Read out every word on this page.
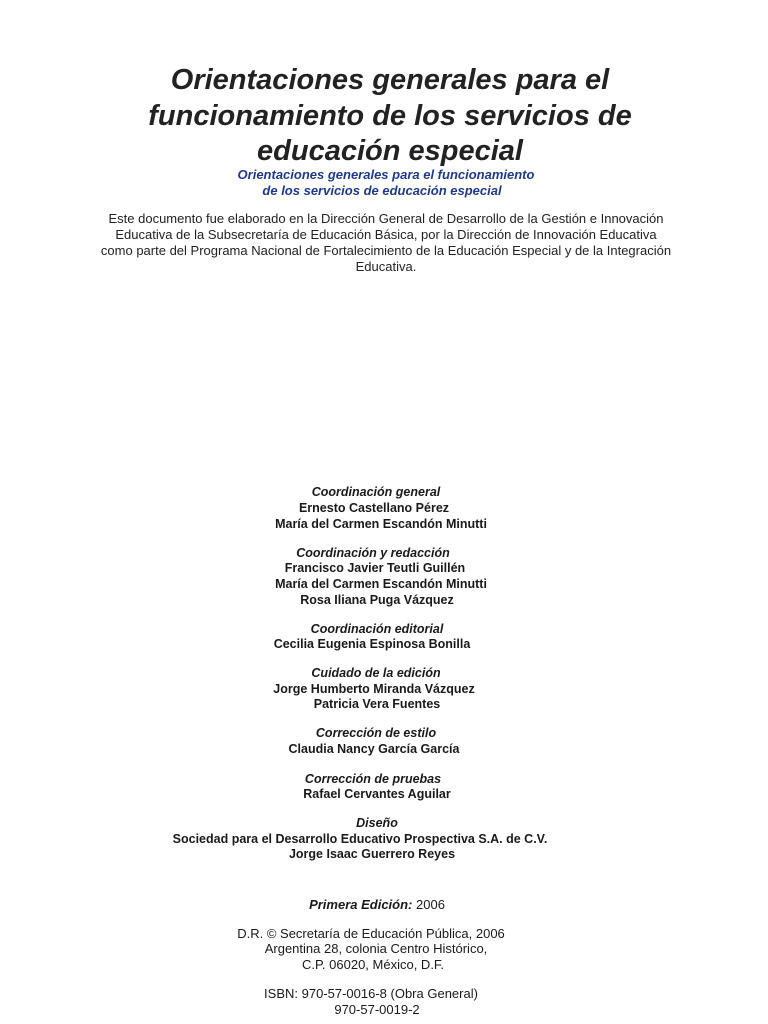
Orientaciones generales para el
funcionamiento de los servicios de
educación especial
Orientaciones generales para el funcionamiento
de los servicios de educación especial
Este documento fue elaborado en la Dirección General de Desarrollo de la Gestión e Innovación
Educativa de la Subsecretaría de Educación Básica, por la Dirección de Innovación Educativa
como parte del Programa Nacional de Fortalecimiento de la Educación Especial y de la Integración
Educativa.
Coordinación general
Ernesto Castellano Pérez
María del Carmen Escandón Minutti
Coordinación y redacción
Francisco Javier Teutli Guillén
María del Carmen Escandón Minutti
Rosa Iliana Puga Vázquez
Coordinación editorial
Cecilia Eugenia Espinosa Bonilla
Cuidado de la edición
Jorge Humberto Miranda Vázquez
Patricia Vera Fuentes
Corrección de estilo
Claudia Nancy García García
Corrección de pruebas
Rafael Cervantes Aguilar
Diseño
Sociedad para el Desarrollo Educativo Prospectiva S.A. de C.V.
Jorge Isaac Guerrero Reyes
Primera Edición: 2006
D.R. © Secretaría de Educación Pública, 2006
Argentina 28, colonia Centro Histórico,
C.P. 06020, México, D.F.
ISBN: 970-57-0016-8 (Obra General)
970-57-0019-2
